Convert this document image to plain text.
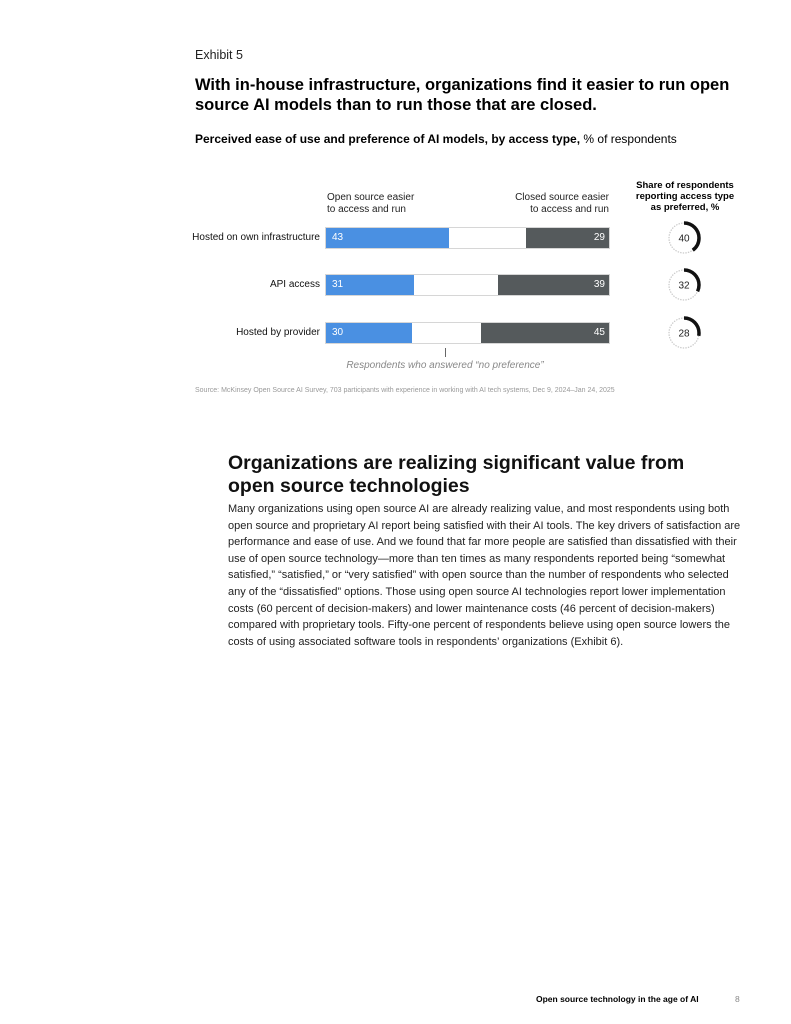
Exhibit 5
With in-house infrastructure, organizations find it easier to run open source AI models than to run those that are closed.
Perceived ease of use and preference of AI models, by access type, % of respondents
Open source easier
to access and run
Closed source easier
to access and run
Share of respondents
reporting access type
as preferred, %
Hosted on own infrastructure 43	29	40
API access 31	39	32
Hosted by provider 30	45	28
Respondents who answered “no preference”
Source: McKinsey Open Source AI Survey, 703 participants with experience in working with AI tech systems, Dec 9, 2024–Jan 24, 2025
Organizations are realizing significant value from open source technologies
Many organizations using open source AI are already realizing value, and most respondents using both open source and proprietary AI report being satisfied with their AI tools. The key drivers of satisfaction are performance and ease of use. And we found that far more people are satisfied than dissatisfied with their use of open source technology—more than ten times as many respondents reported being “somewhat satisfied,” “satisfied,” or “very satisfied” with open source than the number of respondents who selected any of the “dissatisfied” options. Those using open source AI technologies report lower implementation costs (60 percent of decision-makers) and lower maintenance costs (46 percent of decision-makers) compared with proprietary tools. Fifty-one percent of respondents believe using open source lowers the costs of using associated software tools in respondents’ organizations (Exhibit 6).
Open source technology in the age of AI	8
